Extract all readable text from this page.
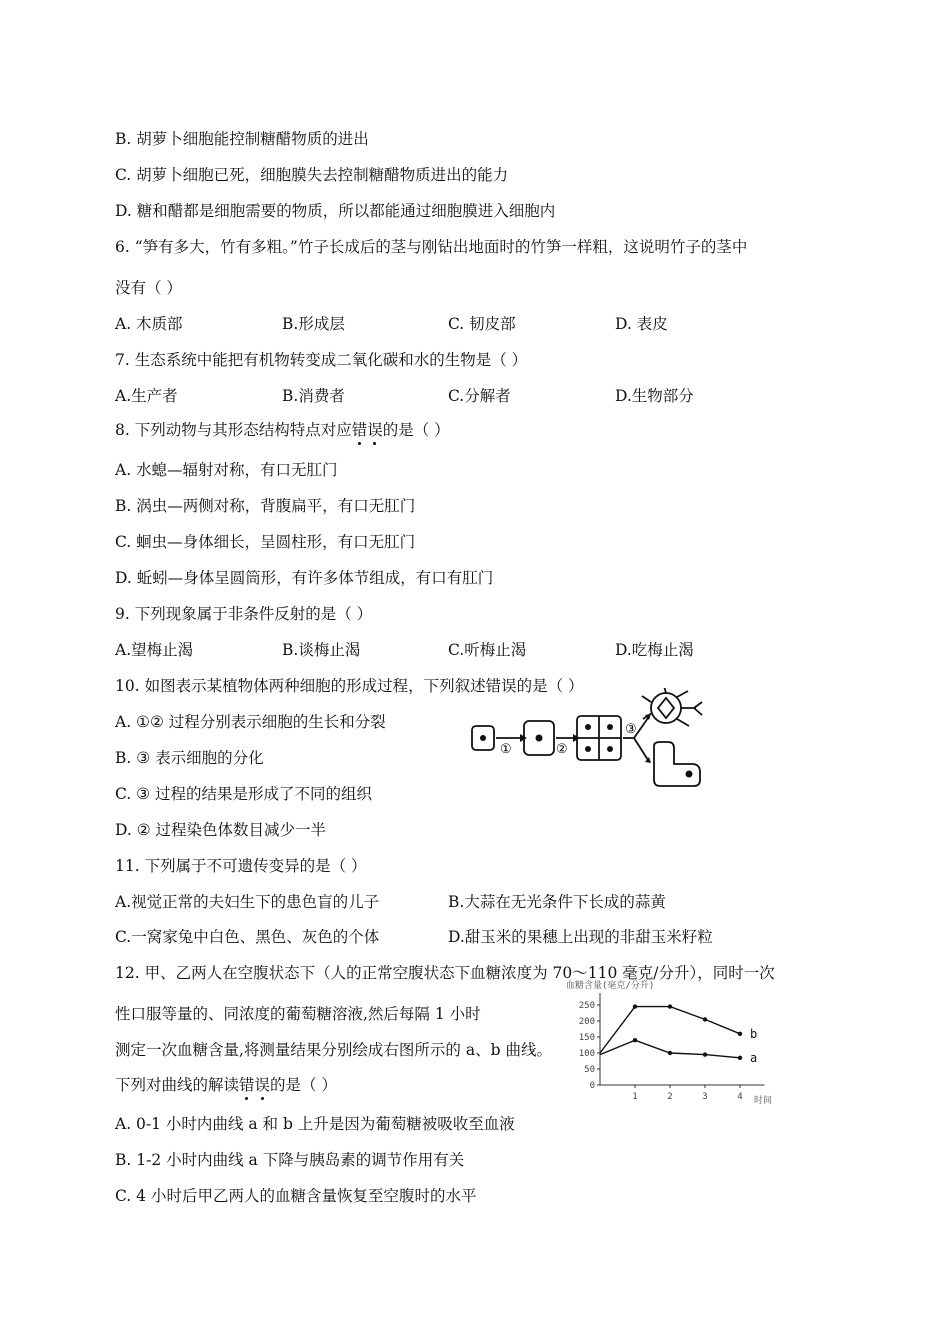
B. 胡萝卜细胞能控制糖醋物质的进出
C. 胡萝卜细胞已死，细胞膜失去控制糖醋物质进出的能力
D. 糖和醋都是细胞需要的物质，所以都能通过细胞膜进入细胞内
6. “笋有多大，竹有多粗。”竹子长成后的茎与刚钻出地面时的竹笋一样粗，这说明竹子的茎中
没有（ ）
A. 木质部	B.形成层	C. 韧皮部	D. 表皮
7. 生态系统中能把有机物转变成二氧化碳和水的生物是（ ）
A.生产者	B.消费者	C.分解者	D.生物部分
8. 下列动物与其形态结构特点对应错误的是（ ）
A. 水螅—辐射对称，有口无肛门
B. 涡虫—两侧对称，背腹扁平，有口无肛门
C. 蛔虫—身体细长，呈圆柱形，有口无肛门
D. 蚯蚓—身体呈圆筒形，有许多体节组成，有口有肛门
9. 下列现象属于非条件反射的是（ ）
A.望梅止渴	B.谈梅止渴	C.听梅止渴	D.吃梅止渴
10. 如图表示某植物体两种细胞的形成过程，下列叙述错误的是（ ）
A. ①② 过程分别表示细胞的生长和分裂
B. ③ 表示细胞的分化
C. ③ 过程的结果是形成了不同的组织
D. ② 过程染色体数目减少一半
①	②
③
11. 下列属于不可遗传变异的是（ ）
A.视觉正常的夫妇生下的患色盲的儿子	B.大蒜在无光条件下长成的蒜黄
C.一窝家兔中白色、黑色、灰色的个体	D.甜玉米的果穗上出现的非甜玉米籽粒
12. 甲、乙两人在空腹状态下（人的正常空腹状态下血糖浓度为 70～110 毫克/分升），同时一次
性口服等量的、同浓度的葡萄糖溶液,然后每隔 1 小时
测定一次血糖含量,将测量结果分别绘成右图所示的 a、b 曲线。
下列对曲线的解读错误的是（ ）
A. 0-1 小时内曲线 a 和 b 上升是因为葡萄糖被吸收至血液
B. 1-2 小时内曲线 a 下降与胰岛素的调节作用有关
C. 4 小时后甲乙两人的血糖含量恢复至空腹时的水平
血糖含量(毫克/分升)
时间
0
50
100
150
200
250
1	2	3	4
b
a
